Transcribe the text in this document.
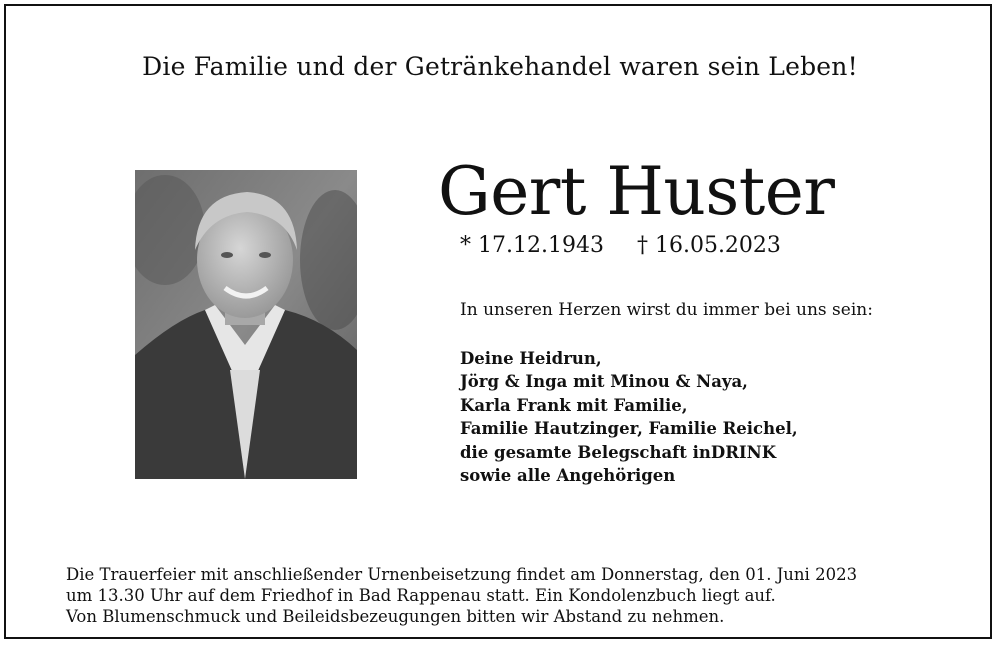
Die Familie und der Getränkehandel waren sein Leben!
Gert Huster
* 17.12.1943 † 16.05.2023
In unseren Herzen wirst du immer bei uns sein:
Deine Heidrun,
Jörg & Inga mit Minou & Naya,
Karla Frank mit Familie,
Familie Hautzinger, Familie Reichel,
die gesamte Belegschaft inDRINK
sowie alle Angehörigen
Die Trauerfeier mit anschließender Urnenbeisetzung findet am Donnerstag, den 01. Juni 2023
um 13.30 Uhr auf dem Friedhof in Bad Rappenau statt. Ein Kondolenzbuch liegt auf.
Von Blumenschmuck und Beileidsbezeugungen bitten wir Abstand zu nehmen.
